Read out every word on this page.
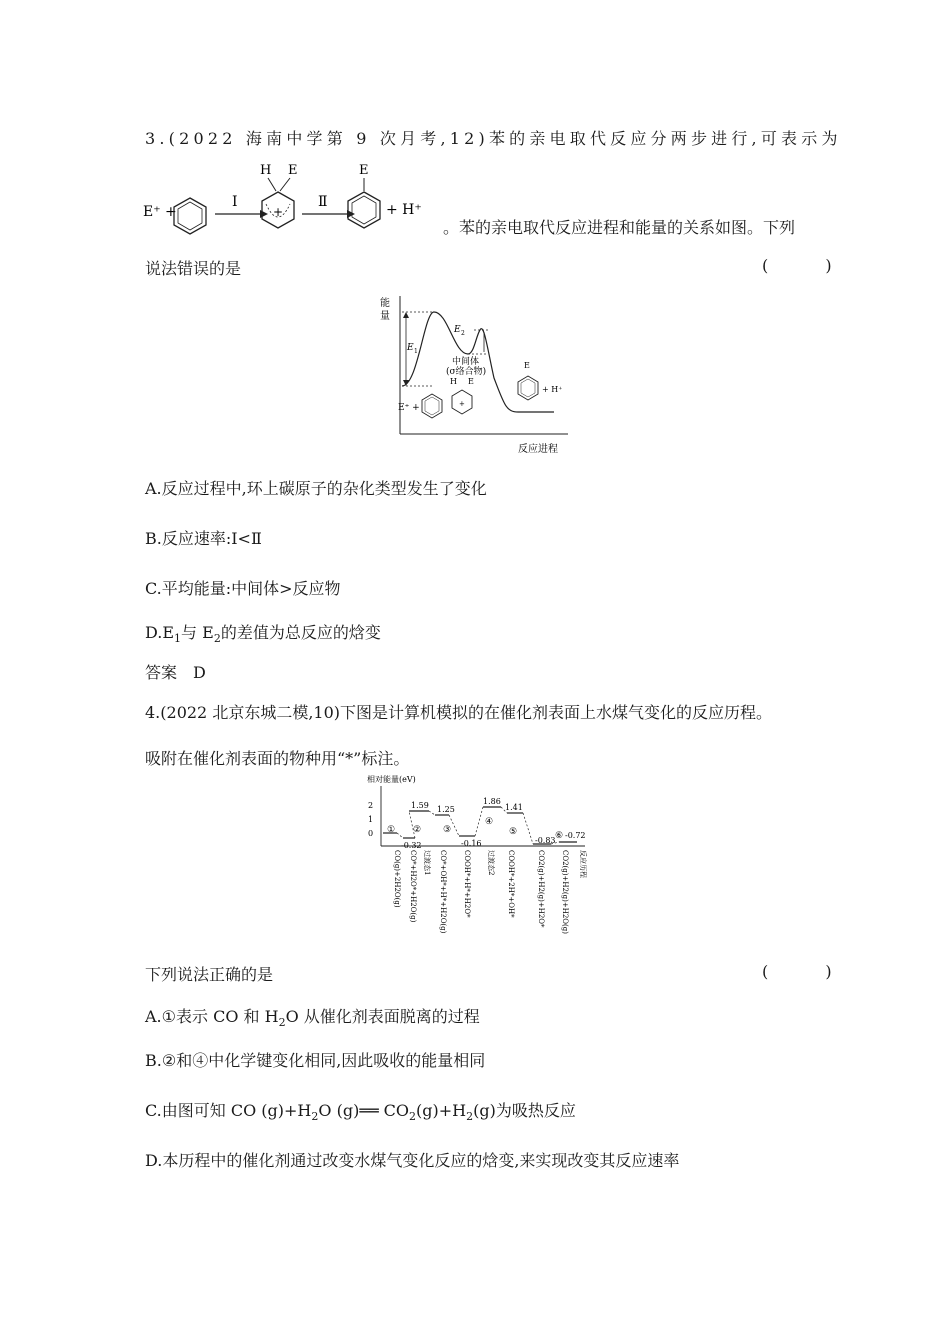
3.(2022 海南中学第 9 次月考,12)苯的亲电取代反应分两步进行,可表示为
E⁺ +
Ⅰ
H E
+
Ⅱ
E
+ H⁺
。苯的亲电取代反应进程和能量的关系如图。下列
说法错误的是	( )
能
量
E 1
E 2
中间体
(σ络合物)
H E
+
E⁺ +
E
+ H⁺
反应进程
A.反应过程中,环上碳原子的杂化类型发生了变化
B.反应速率:Ⅰ<Ⅱ
C.平均能量:中间体>反应物
$D.E_1$与 $E_2$的差值为总反应的焓变
答案　D
4.(2022 北京东城二模,10)下图是计算机模拟的在催化剂表面上水煤气变化的反应历程。
吸附在催化剂表面的物种用“*”标注。
相对能量(eV)
2
1
0
1.59 1.25
1.86
1.41
-0.32	-0.16	-0.83
-0.72
① ② ③
④
⑤	⑥
CO(g)+2H2O(g) CO*+H2O*+H2O(g) 过渡态1 CO*+OH*+H*+H2O(g) COOH*+H*+H2O* 过渡态2 COOH*+2H*+OH*	CO2(g)+H2(g)+H2O* CO2(g)+H2(g)+H2O(g) 反应历程
下列说法正确的是	( )
A.①表示 CO 和 $H_2O$ 从催化剂表面脱离的过程
B.②和④中化学键变化相同,因此吸收的能量相同
C.由图可知 CO $(g)+H_2O$ (g)══ $CO_2(g)+H_2(g)$为吸热反应
D.本历程中的催化剂通过改变水煤气变化反应的焓变,来实现改变其反应速率
